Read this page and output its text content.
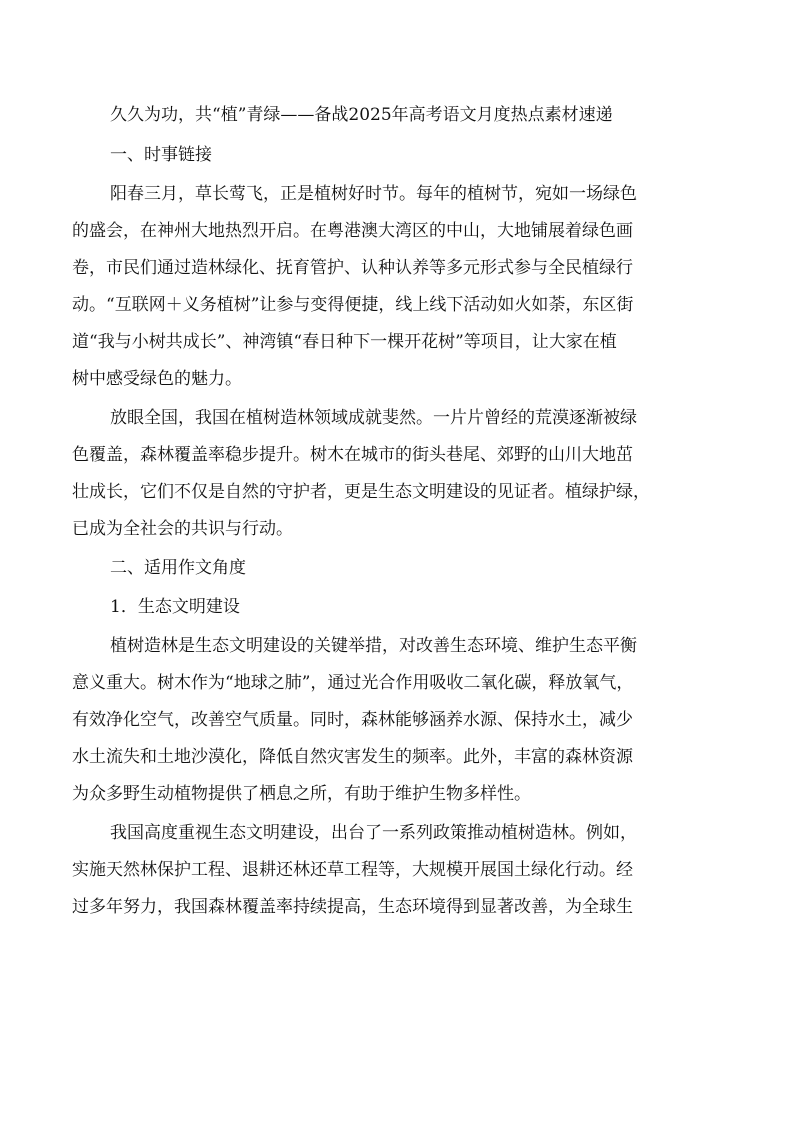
久久为功，共“植”青绿——备战2025年高考语文月度热点素材速递
一、时事链接
阳春三月，草长莺飞，正是植树好时节。每年的植树节，宛如一场绿色
的盛会，在神州大地热烈开启。在粤港澳大湾区的中山，大地铺展着绿色画
卷，市民们通过造林绿化、抚育管护、认种认养等多元形式参与全民植绿行
动。“互联网＋义务植树”让参与变得便捷，线上线下活动如火如荼，东区街
道“我与小树共成长”、神湾镇“春日种下一棵开花树”等项目，让大家在植
树中感受绿色的魅力。
放眼全国，我国在植树造林领域成就斐然。一片片曾经的荒漠逐渐被绿
色覆盖，森林覆盖率稳步提升。树木在城市的街头巷尾、郊野的山川大地茁
壮成长，它们不仅是自然的守护者，更是生态文明建设的见证者。植绿护绿，
已成为全社会的共识与行动。
二、适用作文角度
1．生态文明建设
植树造林是生态文明建设的关键举措，对改善生态环境、维护生态平衡
意义重大。树木作为“地球之肺”，通过光合作用吸收二氧化碳，释放氧气，
有效净化空气，改善空气质量。同时，森林能够涵养水源、保持水土，减少
水土流失和土地沙漠化，降低自然灾害发生的频率。此外，丰富的森林资源
为众多野生动植物提供了栖息之所，有助于维护生物多样性。
我国高度重视生态文明建设，出台了一系列政策推动植树造林。例如，
实施天然林保护工程、退耕还林还草工程等，大规模开展国土绿化行动。经
过多年努力，我国森林覆盖率持续提高，生态环境得到显著改善，为全球生
